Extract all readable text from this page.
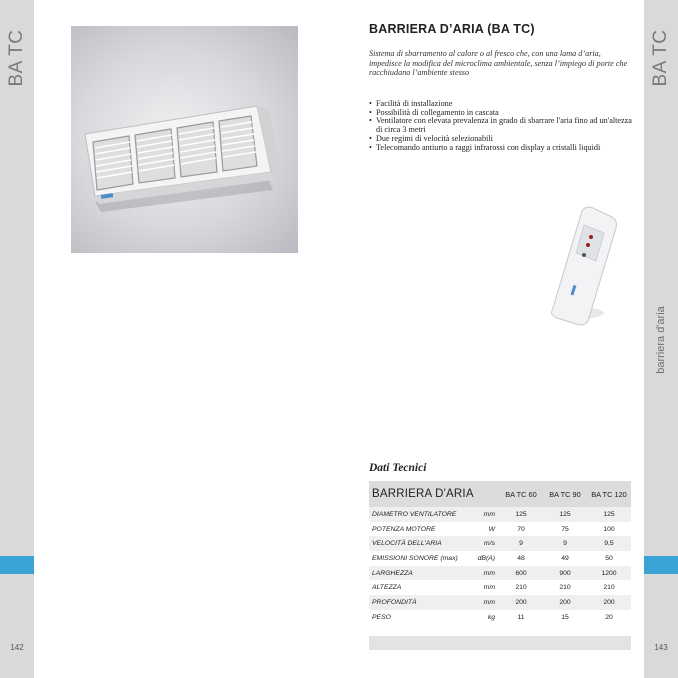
BA TC
142
BA TC
barriera d'aria
143
BARRIERA D’ARIA (BA TC)

Sistema di sbarramento al calore o al fresco che, con una lama d’aria, impedisce la modifica del microclima ambientale, senza l’impiego di porte che racchiudano l’ambiente stesso

• Facilità di installazione
• Possibilità di collegamento in cascata
• Ventilatore con elevata prevalenza in grado di sbarrare l'aria fino ad un'altezza di circa 3 metri
• Due regimi di velocità selezionabili
• Telecomando antiurto a raggi infrarossi con display a cristalli liquidi
Dati Tecnici
BARRIERA D'ARIA		BA TC 60	BA TC 90	BA TC 120
DIAMETRO VENTILATORE	mm	125	125	125
POTENZA MOTORE	W	70	75	100
VELOCITÀ DELL'ARIA	m/s	9	9	9,5
EMISSIONI SONORE (max)	dB(A)	48	49	50
LARGHEZZA	mm	600	900	1200
ALTEZZA	mm	210	210	210
PROFONDITÀ	mm	200	200	200
PESO	kg	11	15	20
